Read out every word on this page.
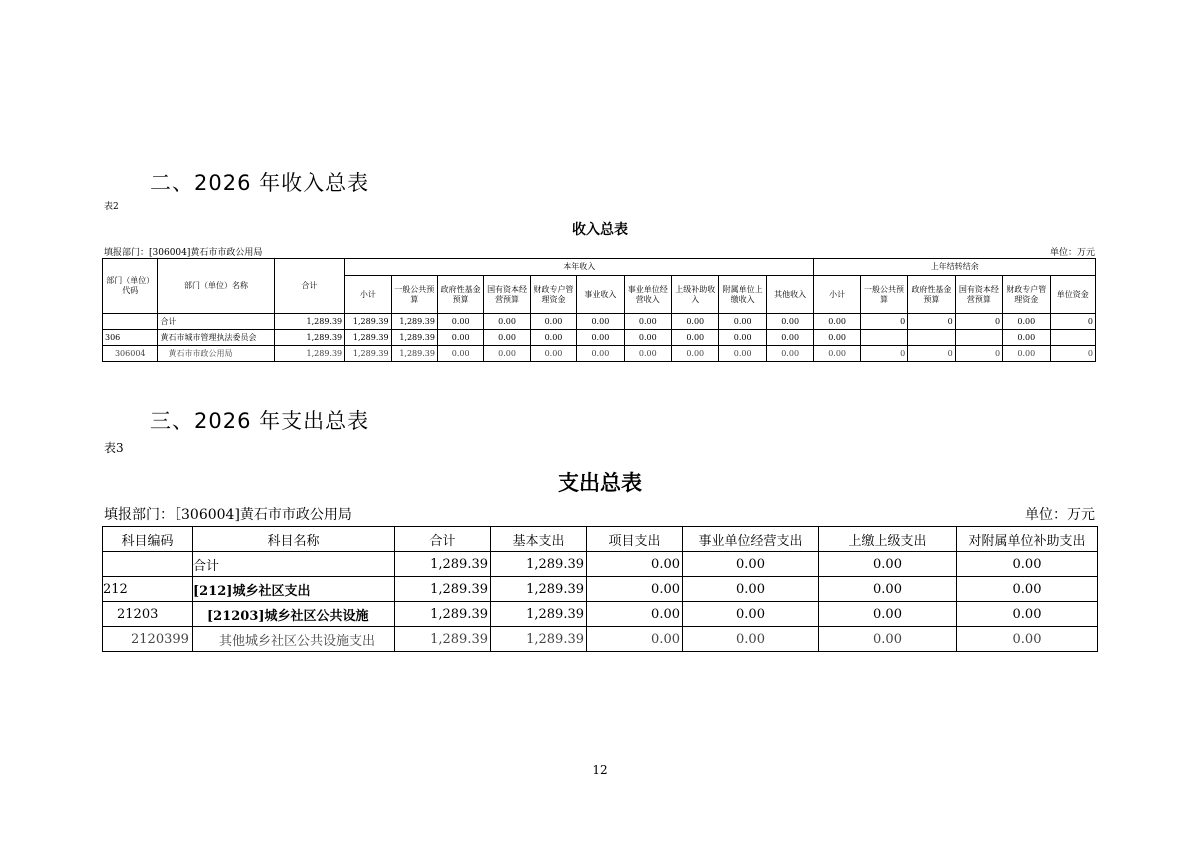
二、2026 年收入总表
表2
收入总表
填报部门：[306004]黄石市市政公用局	单位：万元
部门（单位）代码	部门（单位）名称	合计	本年收入										上年结转结余					
			小计	一般公共预算	政府性基金预算	国有资本经营预算	财政专户管理资金	事业收入	事业单位经营收入	上级补助收入	附属单位上缴收入	其他收入	小计	一般公共预算	政府性基金预算	国有资本经营预算	财政专户管理资金	单位资金
	合计	1,289.39	1,289.39	1,289.39	0.00	0.00	0.00	0.00	0.00	0.00	0.00	0.00	0.00	0	0	0	0.00	0
306	黄石市城市管理执法委员会	1,289.39	1,289.39	1,289.39	0.00	0.00	0.00	0.00	0.00	0.00	0.00	0.00	0.00				0.00	
306004	黄石市市政公用局	1,289.39	1,289.39	1,289.39	0.00	0.00	0.00	0.00	0.00	0.00	0.00	0.00	0.00	0	0	0	0.00	0
三、2026 年支出总表
表3
支出总表
填报部门：［306004]黄石市市政公用局	单位：万元
科目编码	科目名称	合计	基本支出	项目支出	事业单位经营支出	上缴上级支出	对附属单位补助支出
	合计	1,289.39	1,289.39	0.00	0.00	0.00	0.00
212	[212]城乡社区支出	1,289.39	1,289.39	0.00	0.00	0.00	0.00
21203	[21203]城乡社区公共设施	1,289.39	1,289.39	0.00	0.00	0.00	0.00
2120399	其他城乡社区公共设施支出	1,289.39	1,289.39	0.00	0.00	0.00	0.00
12
